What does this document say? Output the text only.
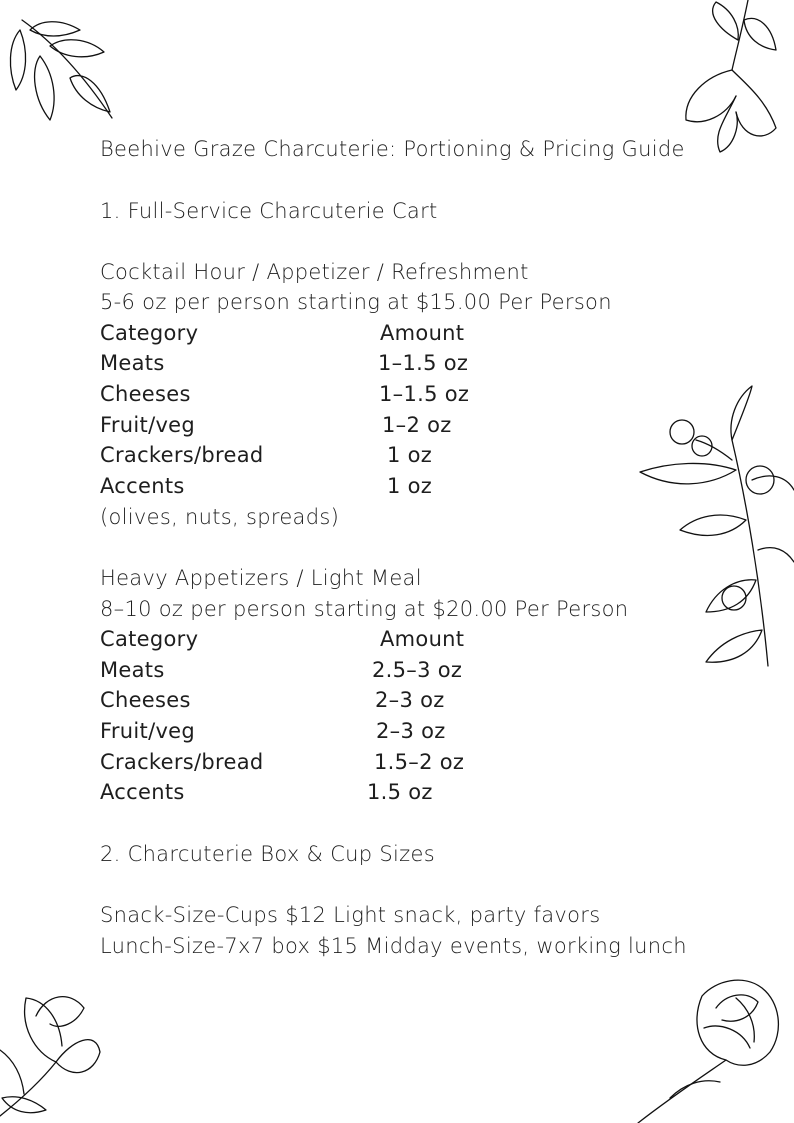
Beehive Graze Charcuterie: Portioning & Pricing Guide
1. Full-Service Charcuterie Cart
Cocktail Hour / Appetizer / Refreshment
5-6 oz per person starting at $15.00 Per Person
Category	Amount
Meats	1–1.5 oz
Cheeses	1–1.5 oz
Fruit/veg	1–2 oz
Crackers/bread	1 oz
Accents	1 oz
(olives, nuts, spreads)
Heavy Appetizers / Light Meal
8–10 oz per person starting at $20.00 Per Person
Category	Amount
Meats	2.5–3 oz
Cheeses	2–3 oz
Fruit/veg	2–3 oz
Crackers/bread	1.5–2 oz
Accents	1.5 oz
2. Charcuterie Box & Cup Sizes
Snack-Size-Cups $12 Light snack, party favors
Lunch-Size-7x7 box $15 Midday events, working lunch
